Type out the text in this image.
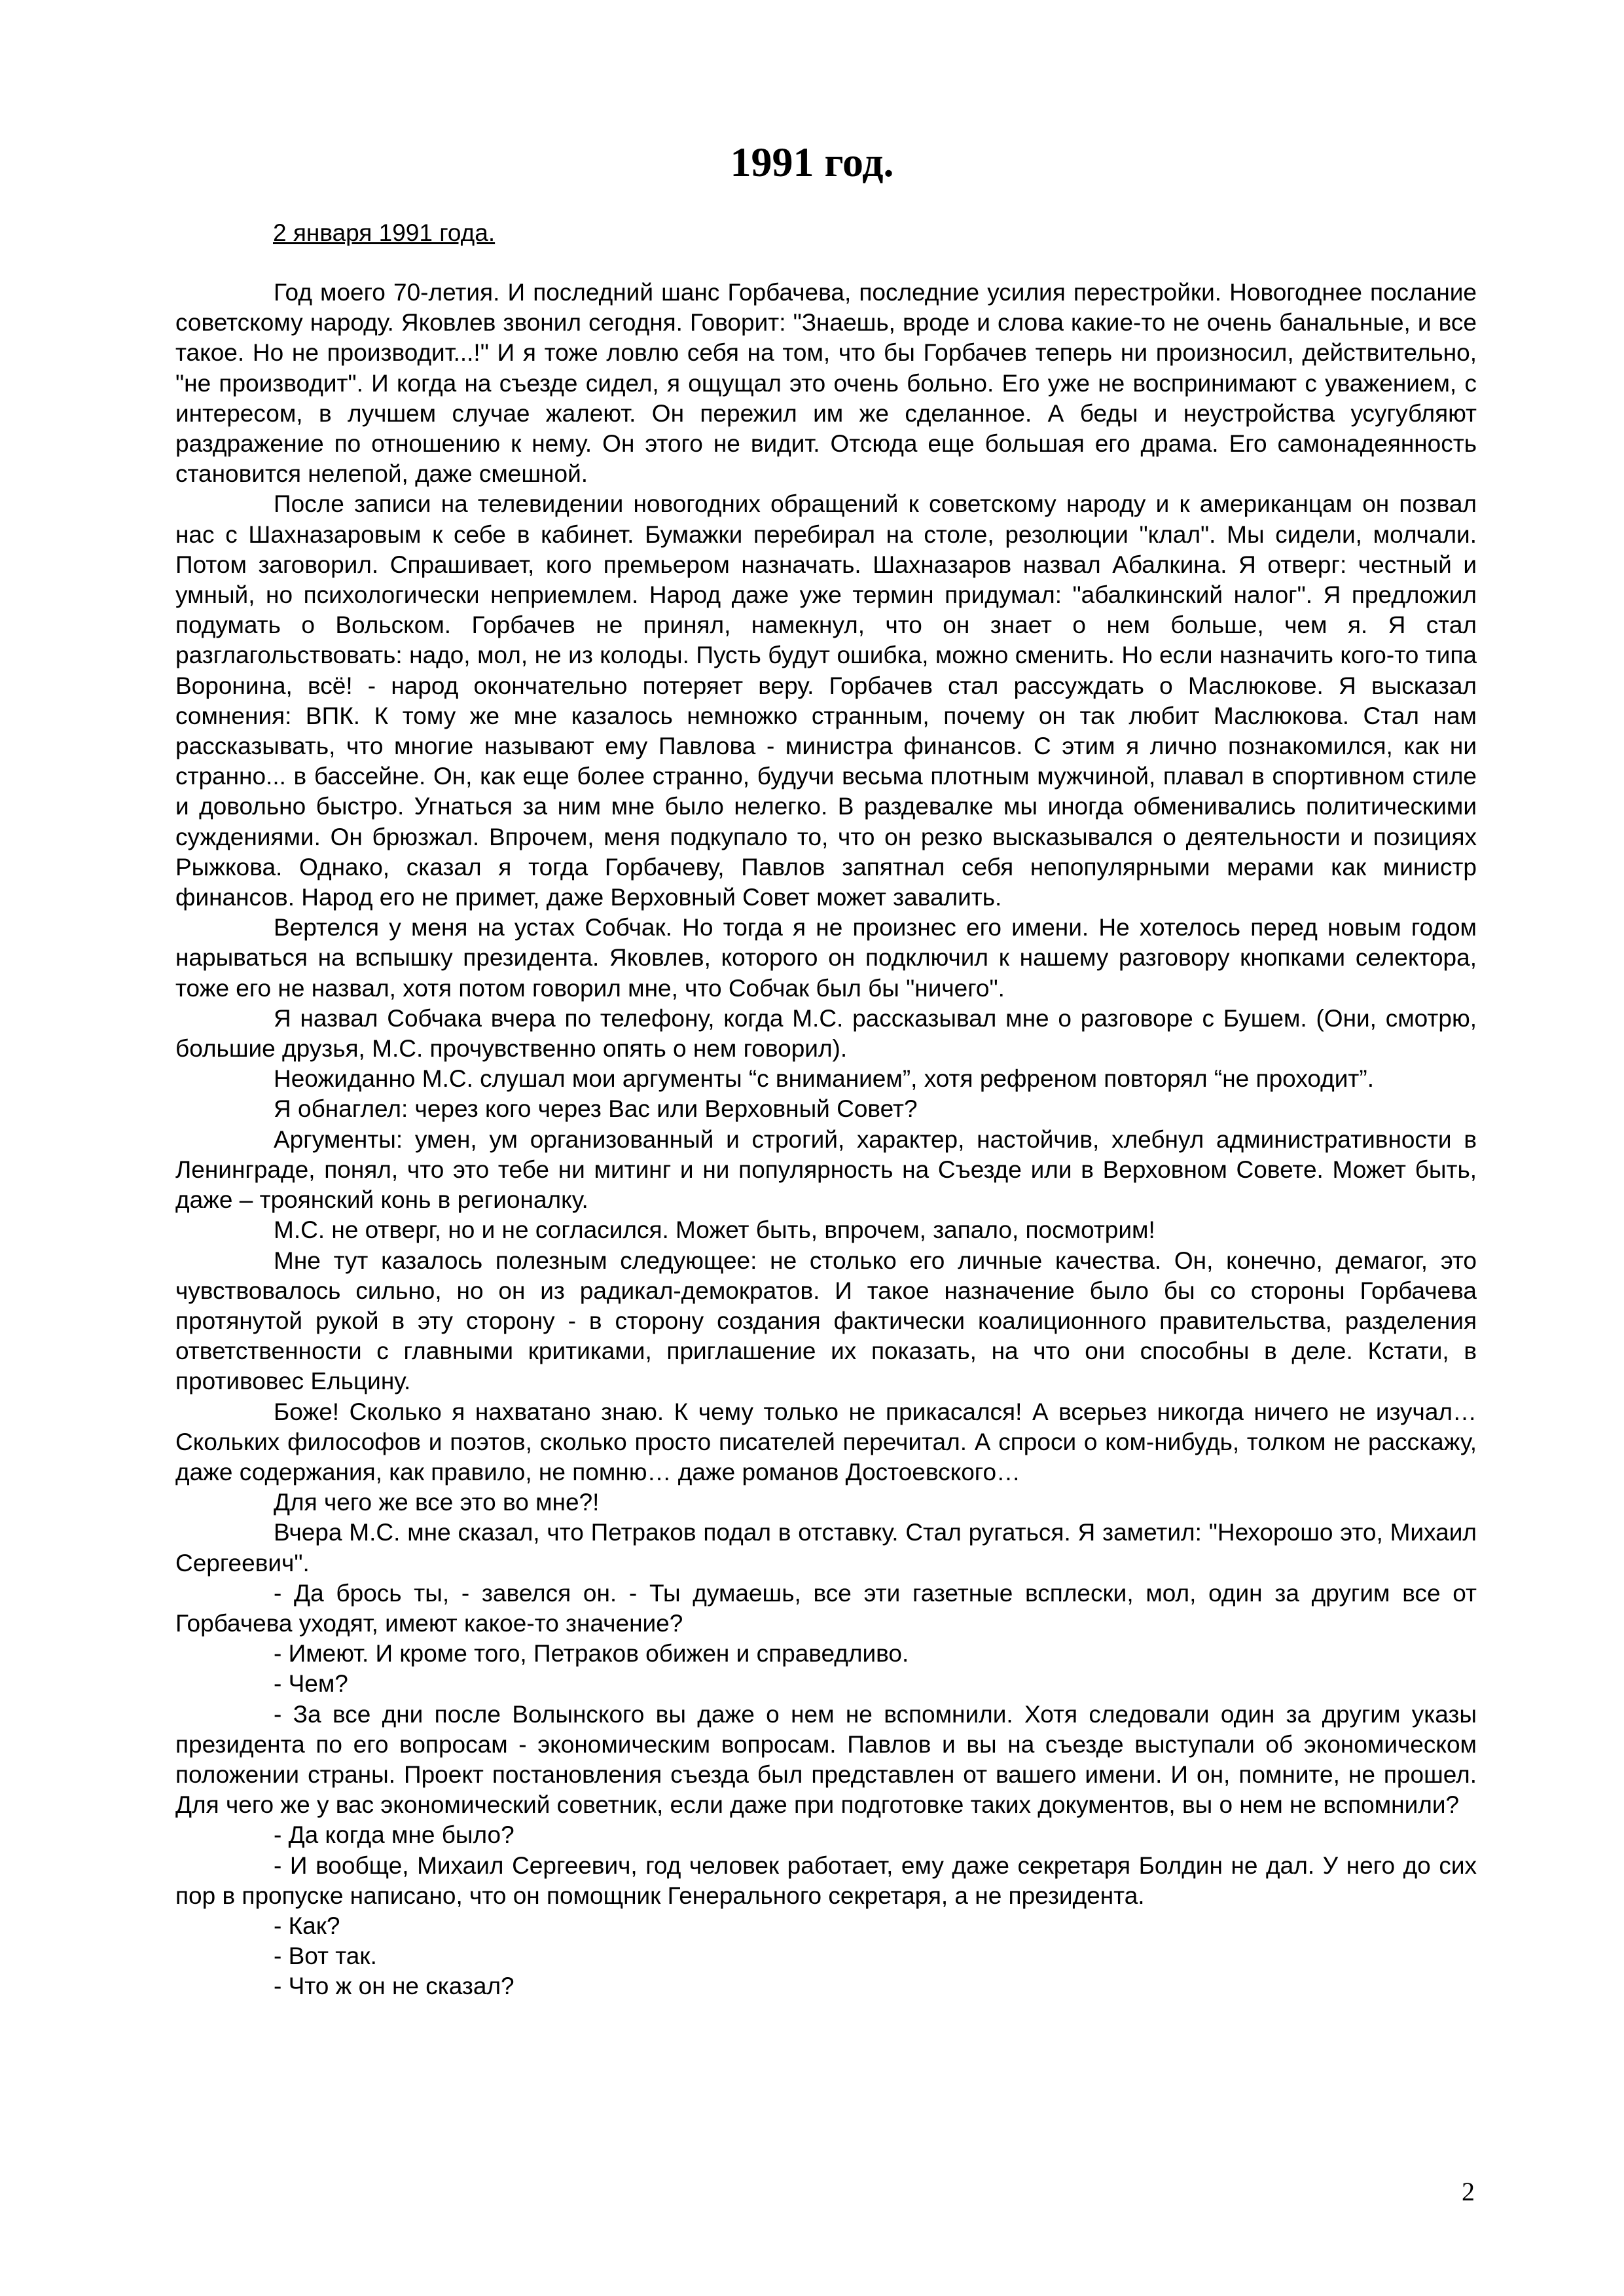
1991 год.
2 января 1991 года.

Год моего 70-летия. И последний шанс Горбачева, последние усилия перестройки. Новогоднее послание советскому народу. Яковлев звонил сегодня. Говорит: "Знаешь, вроде и слова какие-то не очень банальные, и все такое. Но не производит...!" И я тоже ловлю себя на том, что бы Горбачев теперь ни произносил, действительно, "не производит". И когда на съезде сидел, я ощущал это очень больно. Его уже не воспринимают с уважением, с интересом, в лучшем случае жалеют. Он пережил им же сделанное. А беды и неустройства усугубляют раздражение по отношению к нему. Он этого не видит. Отсюда еще большая его драма. Его самонадеянность становится нелепой, даже смешной.

После записи на телевидении новогодних обращений к советскому народу и к американцам он позвал нас с Шахназаровым к себе в кабинет. Бумажки перебирал на столе, резолюции "клал". Мы сидели, молчали. Потом заговорил. Спрашивает, кого премьером назначать. Шахназаров назвал Абалкина. Я отверг: честный и умный, но психологически неприемлем. Народ даже уже термин придумал: "абалкинский налог". Я предложил подумать о Вольском. Горбачев не принял, намекнул, что он знает о нем больше, чем я. Я стал разглагольствовать: надо, мол, не из колоды. Пусть будут ошибка, можно сменить. Но если назначить кого-то типа Воронина, всё! - народ окончательно потеряет веру. Горбачев стал рассуждать о Маслюкове. Я высказал сомнения: ВПК. К тому же мне казалось немножко странным, почему он так любит Маслюкова. Стал нам рассказывать, что многие называют ему Павлова - министра финансов. С этим я лично познакомился, как ни странно... в бассейне. Он, как еще более странно, будучи весьма плотным мужчиной, плавал в спортивном стиле и довольно быстро. Угнаться за ним мне было нелегко. В раздевалке мы иногда обменивались политическими суждениями. Он брюзжал. Впрочем, меня подкупало то, что он резко высказывался о деятельности и позициях Рыжкова. Однако, сказал я тогда Горбачеву, Павлов запятнал себя непопулярными мерами как министр финансов. Народ его не примет, даже Верховный Совет может завалить.

Вертелся у меня на устах Собчак. Но тогда я не произнес его имени. Не хотелось перед новым годом нарываться на вспышку президента. Яковлев, которого он подключил к нашему разговору кнопками селектора, тоже его не назвал, хотя потом говорил мне, что Собчак был бы "ничего".

Я назвал Собчака вчера по телефону, когда М.С. рассказывал мне о разговоре с Бушем. (Они, смотрю, большие друзья, М.С. прочувственно опять о нем говорил).

Неожиданно М.С. слушал мои аргументы “с вниманием”, хотя рефреном повторял “не проходит”.

Я обнаглел: через кого через Вас или Верховный Совет?

Аргументы: умен, ум организованный и строгий, характер, настойчив, хлебнул административности в Ленинграде, понял, что это тебе ни митинг и ни популярность на Съезде или в Верховном Совете. Может быть, даже – троянский конь в регионалку.

М.С. не отверг, но и не согласился. Может быть, впрочем, запало, посмотрим!

Мне тут казалось полезным следующее: не столько его личные качества. Он, конечно, демагог, это чувствовалось сильно, но он из радикал-демократов. И такое назначение было бы со стороны Горбачева протянутой рукой в эту сторону - в сторону создания фактически коалиционного правительства, разделения ответственности с главными критиками, приглашение их показать, на что они способны в деле. Кстати, в противовес Ельцину.

Боже! Сколько я нахватано знаю. К чему только не прикасался! А всерьез никогда ничего не изучал… Скольких философов и поэтов, сколько просто писателей перечитал. А спроси о ком-нибудь, толком не расскажу, даже содержания, как правило, не помню… даже романов Достоевского…

Для чего же все это во мне?!

Вчера М.С. мне сказал, что Петраков подал в отставку. Стал ругаться. Я заметил: "Нехорошо это, Михаил Сергеевич".

- Да брось ты, - завелся он. - Ты думаешь, все эти газетные всплески, мол, один за другим все от Горбачева уходят, имеют какое-то значение?

- Имеют. И кроме того, Петраков обижен и справедливо.

- Чем?

- За все дни после Волынского вы даже о нем не вспомнили. Хотя следовали один за другим указы президента по его вопросам - экономическим вопросам. Павлов и вы на съезде выступали об экономическом положении страны. Проект постановления съезда был представлен от вашего имени. И он, помните, не прошел. Для чего же у вас экономический советник, если даже при подготовке таких документов, вы о нем не вспомнили?

- Да когда мне было?

- И вообще, Михаил Сергеевич, год человек работает, ему даже секретаря Болдин не дал. У него до сих пор в пропуске написано, что он помощник Генерального секретаря, а не президента.

- Как?

- Вот так.

- Что ж он не сказал?

2
